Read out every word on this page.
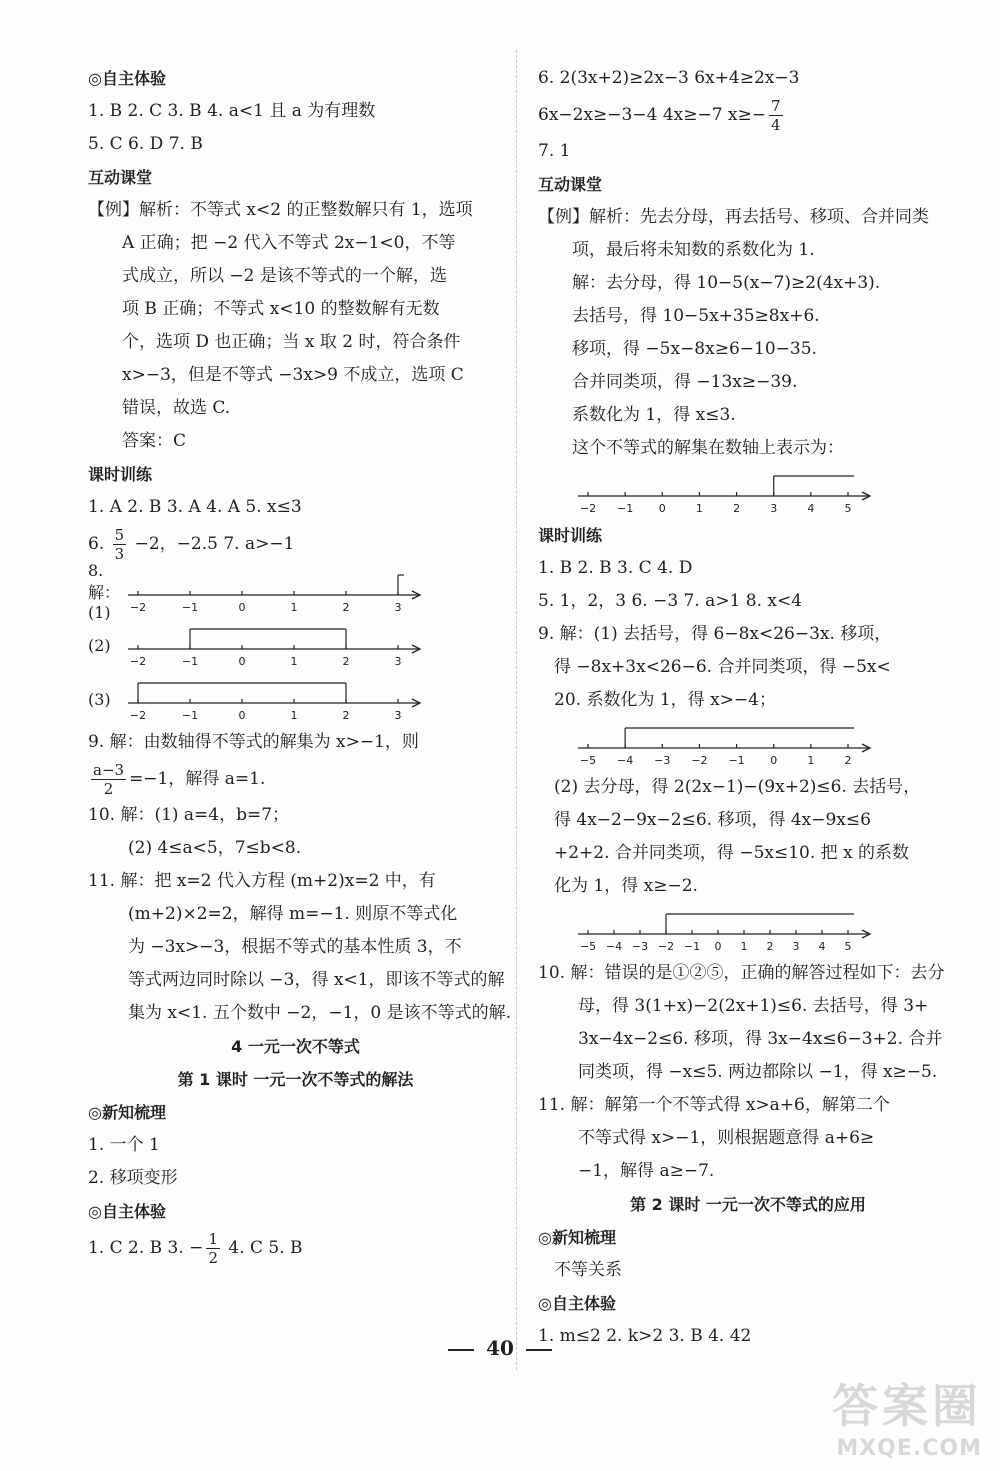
◎自主体验
1. B 2. C 3. B 4. a<1 且 a 为有理数
5. C 6. D 7. B
互动课堂
【例】解析：不等式 x<2 的正整数解只有 1，选项
A 正确；把 −2 代入不等式 2x−1<0，不等
式成立，所以 −2 是该不等式的一个解，选
项 B 正确；不等式 x<10 的整数解有无数
个，选项 D 也正确；当 x 取 2 时，符合条件
x>−3，但是不等式 −3x>9 不成立，选项 C
错误，故选 C.
答案：C
课时训练
1. A 2. B 3. A 4. A 5. x≤3
6. $\frac{5}{3} -2$，−2.5 7. a>−1
8. 解：(1)	−2	−1	0	1	2	3
(2)
−2	−1	0	1	2	3
(3)
−2	−1	0	1	2	3
9. 解：由数轴得不等式的解集为 x>−1，则
$\frac{a-3}{2} =-1$，解得 a=1.
10. 解：(1) a=4，b=7；
(2) 4≤a<5，7≤b<8.
11. 解：把 x=2 代入方程 (m+2)x=2 中，有
(m+2)×2=2，解得 m=−1. 则原不等式化
为 −3x>−3，根据不等式的基本性质 3，不
等式两边同时除以 −3，得 x<1，即该不等式的解
集为 x<1. 五个数中 −2，−1，0 是该不等式的解.
4 一元一次不等式
第 1 课时 一元一次不等式的解法
◎新知梳理
1. 一个 1
2. 移项变形
◎自主体验
1. C 2. B 3. − $\frac{1}{2} 4$. C 5. B
6. 2(3x+2)≥2x−3 6x+4≥2x−3
6x−2x≥−3−4 4x≥−7 $x\ge- \frac{7}{4}$
7. 1
互动课堂
【例】解析：先去分母，再去括号、移项、合并同类
项，最后将未知数的系数化为 1.
解：去分母，得 10−5(x−7)≥2(4x+3).
去括号，得 10−5x+35≥8x+6.
移项，得 −5x−8x≥6−10−35.
合并同类项，得 −13x≥−39.
系数化为 1，得 x≤3.
这个不等式的解集在数轴上表示为：
−2 −1 0	1	2	3	4	5
课时训练
1. B 2. B 3. C 4. D
5. 1，2，3 6. −3 7. a>1 8. x<4
9. 解：(1) 去括号，得 6−8x<26−3x. 移项，
得 −8x+3x<26−6. 合并同类项，得 −5x<
20. 系数化为 1，得 x>−4；
−5 −4 −3 −2 −1 0	1	2
(2) 去分母，得 2(2x−1)−(9x+2)≤6. 去括号，
得 4x−2−9x−2≤6. 移项，得 4x−9x≤6
+2+2. 合并同类项，得 −5x≤10. 把 x 的系数
化为 1，得 x≥−2.
−5 −4 −3 −2 −1 0 1 2 3 4 5
10. 解：错误的是①②⑤，正确的解答过程如下：去分
母，得 3(1+x)−2(2x+1)≤6. 去括号，得 3+
3x−4x−2≤6. 移项，得 3x−4x≤6−3+2. 合并
同类项，得 −x≤5. 两边都除以 −1，得 x≥−5.
11. 解：解第一个不等式得 x>a+6，解第二个
不等式得 x>−1，则根据题意得 a+6≥
−1，解得 a≥−7.
第 2 课时 一元一次不等式的应用
◎新知梳理
不等关系
◎自主体验
1. m≤2 2. k>2 3. B 4. 42
40
答案圈
MXQE.COM
